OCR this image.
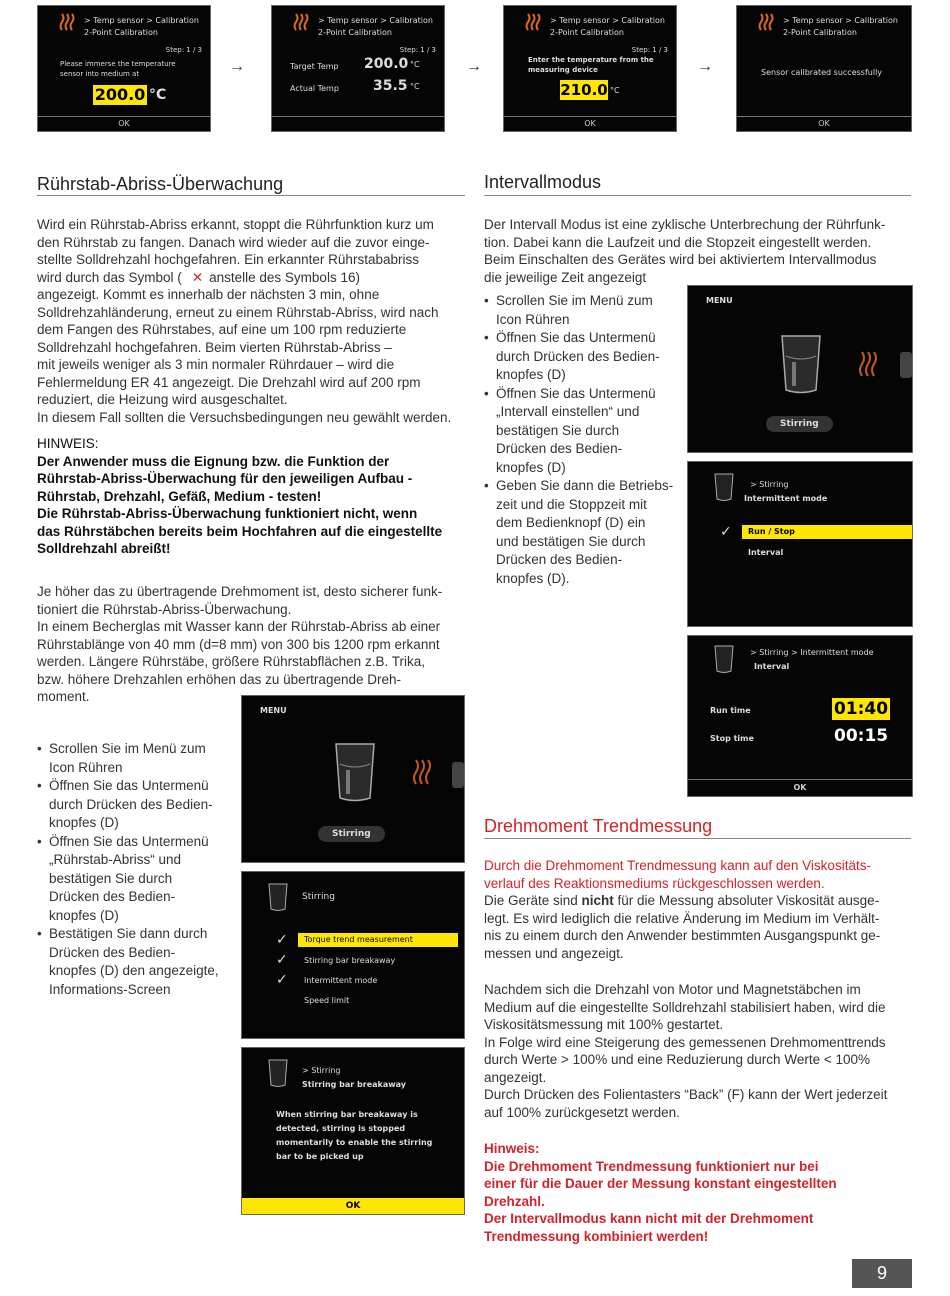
> Temp sensor > Calibration
2-Point Calibration
Step: 1 / 3
Please immerse the temperature
sensor into medium at
200.0 °C
OK
→
> Temp sensor > Calibration
2-Point Calibration
Step: 1 / 3
Target Temp 200.0 °C
Actual Temp 35.5 °C
→
> Temp sensor > Calibration
2-Point Calibration
Step: 1 / 3
Enter the temperature from the
measuring device
210.0 °C
OK
→
> Temp sensor > Calibration
2-Point Calibration
Sensor calibrated successfully
OK
Rührstab-Abriss-Überwachung

Wird ein Rührstab-Abriss erkannt, stoppt die Rührfunktion kurz um

den Rührstab zu fangen. Danach wird wieder auf die zuvor einge-

stellte Solldrehzahl hochgefahren. Ein erkannter Rührstababriss

wird durch das Symbol ( ✕ anstelle des Symbols 16)

angezeigt. Kommt es innerhalb der nächsten 3 min, ohne

Solldrehzahländerung, erneut zu einem Rührstab-Abriss, wird nach

dem Fangen des Rührstabes, auf eine um 100 rpm reduzierte

Solldrehzahl hochgefahren. Beim vierten Rührstab-Abriss –

mit jeweils weniger als 3 min normaler Rührdauer – wird die

Fehlermeldung ER 41 angezeigt. Die Drehzahl wird auf 200 rpm

reduziert, die Heizung wird ausgeschaltet.

In diesem Fall sollten die Versuchsbedingungen neu gewählt werden.

HINWEIS:

Der Anwender muss die Eignung bzw. die Funktion der

Rührstab-Abriss-Überwachung für den jeweiligen Aufbau -

Rührstab, Drehzahl, Gefäß, Medium - testen!

Die Rührstab-Abriss-Überwachung funktioniert nicht, wenn

das Rührstäbchen bereits beim Hochfahren auf die eingestellte

Solldrehzahl abreißt!

Je höher das zu übertragende Drehmoment ist, desto sicherer funk-

tioniert die Rührstab-Abriss-Überwachung.

In einem Becherglas mit Wasser kann der Rührstab-Abriss ab einer

Rührstablänge von 40 mm (d=8 mm) von 300 bis 1200 rpm erkannt

werden. Längere Rührstäbe, größere Rührstabflächen z.B. Trika,

bzw. höhere Drehzahlen erhöhen das zu übertragende Dreh-

moment.

• Scrollen Sie im Menü zum
Icon Rühren
• Öffnen Sie das Untermenü
durch Drücken des Bedien-
knopfes (D)
• Öffnen Sie das Untermenü
„Rührstab-Abriss“ und
bestätigen Sie durch
Drücken des Bedien-
knopfes (D)
• Bestätigen Sie dann durch
Drücken des Bedien-
knopfes (D) den angezeigte,
Informations-Screen
MENU
Stirring
Stirring
✓	Torque trend measurement
✓ Stirring bar breakaway
✓ Intermittent mode
Speed limit
> Stirring
Stirring bar breakaway
When stirring bar breakaway is
detected, stirring is stopped
momentarily to enable the stirring
bar to be picked up
OK
Intervallmodus

Der Intervall Modus ist eine zyklische Unterbrechung der Rührfunk-

tion. Dabei kann die Laufzeit und die Stopzeit eingestellt werden.

Beim Einschalten des Gerätes wird bei aktiviertem Intervallmodus

die jeweilige Zeit angezeigt

• Scrollen Sie im Menü zum
Icon Rühren
• Öffnen Sie das Untermenü
durch Drücken des Bedien-
knopfes (D)
• Öffnen Sie das Untermenü
„Intervall einstellen“ und
bestätigen Sie durch
Drücken des Bedien-
knopfes (D)
• Geben Sie dann die Betriebs-
zeit und die Stoppzeit mit
dem Bedienknopf (D) ein
und bestätigen Sie durch
Drücken des Bedien-
knopfes (D).
MENU
Stirring
> Stirring
Intermittent mode
✓	Run / Stop
Interval
> Stirring > Intermittent mode
Interval
Run time	01:40
Stop time	00:15
OK
Drehmoment Trendmessung

Durch die Drehmoment Trendmessung kann auf den Viskositäts-

verlauf des Reaktionsmediums rückgeschlossen werden.

Die Geräte sind nicht für die Messung absoluter Viskosität ausge-

legt. Es wird lediglich die relative Änderung im Medium im Verhält-

nis zu einem durch den Anwender bestimmten Ausgangspunkt ge-

messen und angezeigt.

Nachdem sich die Drehzahl von Motor und Magnetstäbchen im

Medium auf die eingestellte Solldrehzahl stabilisiert haben, wird die

Viskositätsmessung mit 100% gestartet.

In Folge wird eine Steigerung des gemessenen Drehmomenttrends

durch Werte > 100% und eine Reduzierung durch Werte < 100%

angezeigt.

Durch Drücken des Folientasters “Back” (F) kann der Wert jederzeit

auf 100% zurückgesetzt werden.

Hinweis:

Die Drehmoment Trendmessung funktioniert nur bei

einer für die Dauer der Messung konstant eingestellten

Drehzahl.

Der Intervallmodus kann nicht mit der Drehmoment

Trendmessung kombiniert werden!

9
